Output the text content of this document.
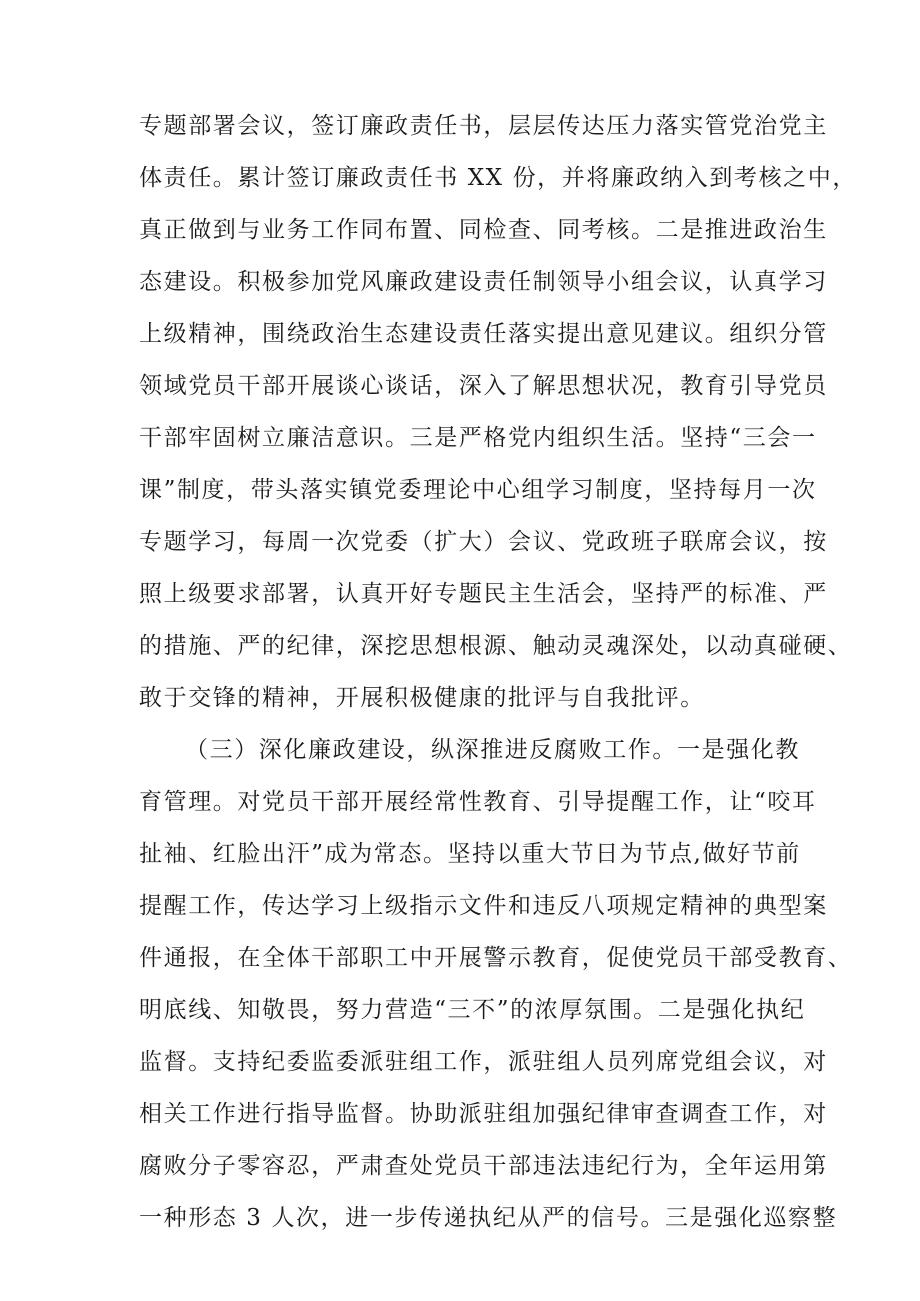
专题部署会议，签订廉政责任书，层层传达压力落实管党治党主
体责任。累计签订廉政责任书 XX 份，并将廉政纳入到考核之中，
真正做到与业务工作同布置、同检查、同考核。二是推进政治生
态建设。积极参加党风廉政建设责任制领导小组会议，认真学习
上级精神，围绕政治生态建设责任落实提出意见建议。组织分管
领域党员干部开展谈心谈话，深入了解思想状况，教育引导党员
干部牢固树立廉洁意识。三是严格党内组织生活。坚持“三会一
课”制度，带头落实镇党委理论中心组学习制度，坚持每月一次
专题学习，每周一次党委（扩大）会议、党政班子联席会议，按
照上级要求部署，认真开好专题民主生活会，坚持严的标准、严
的措施、严的纪律，深挖思想根源、触动灵魂深处，以动真碰硬、
敢于交锋的精神，开展积极健康的批评与自我批评。
（三）深化廉政建设，纵深推进反腐败工作。一是强化教
育管理。对党员干部开展经常性教育、引导提醒工作，让“咬耳
扯袖、红脸出汗”成为常态。坚持以重大节日为节点,做好节前
提醒工作，传达学习上级指示文件和违反八项规定精神的典型案
件通报，在全体干部职工中开展警示教育，促使党员干部受教育、
明底线、知敬畏，努力营造“三不”的浓厚氛围。二是强化执纪
监督。支持纪委监委派驻组工作，派驻组人员列席党组会议，对
相关工作进行指导监督。协助派驻组加强纪律审查调查工作，对
腐败分子零容忍，严肃查处党员干部违法违纪行为，全年运用第
一种形态 3 人次，进一步传递执纪从严的信号。三是强化巡察整
